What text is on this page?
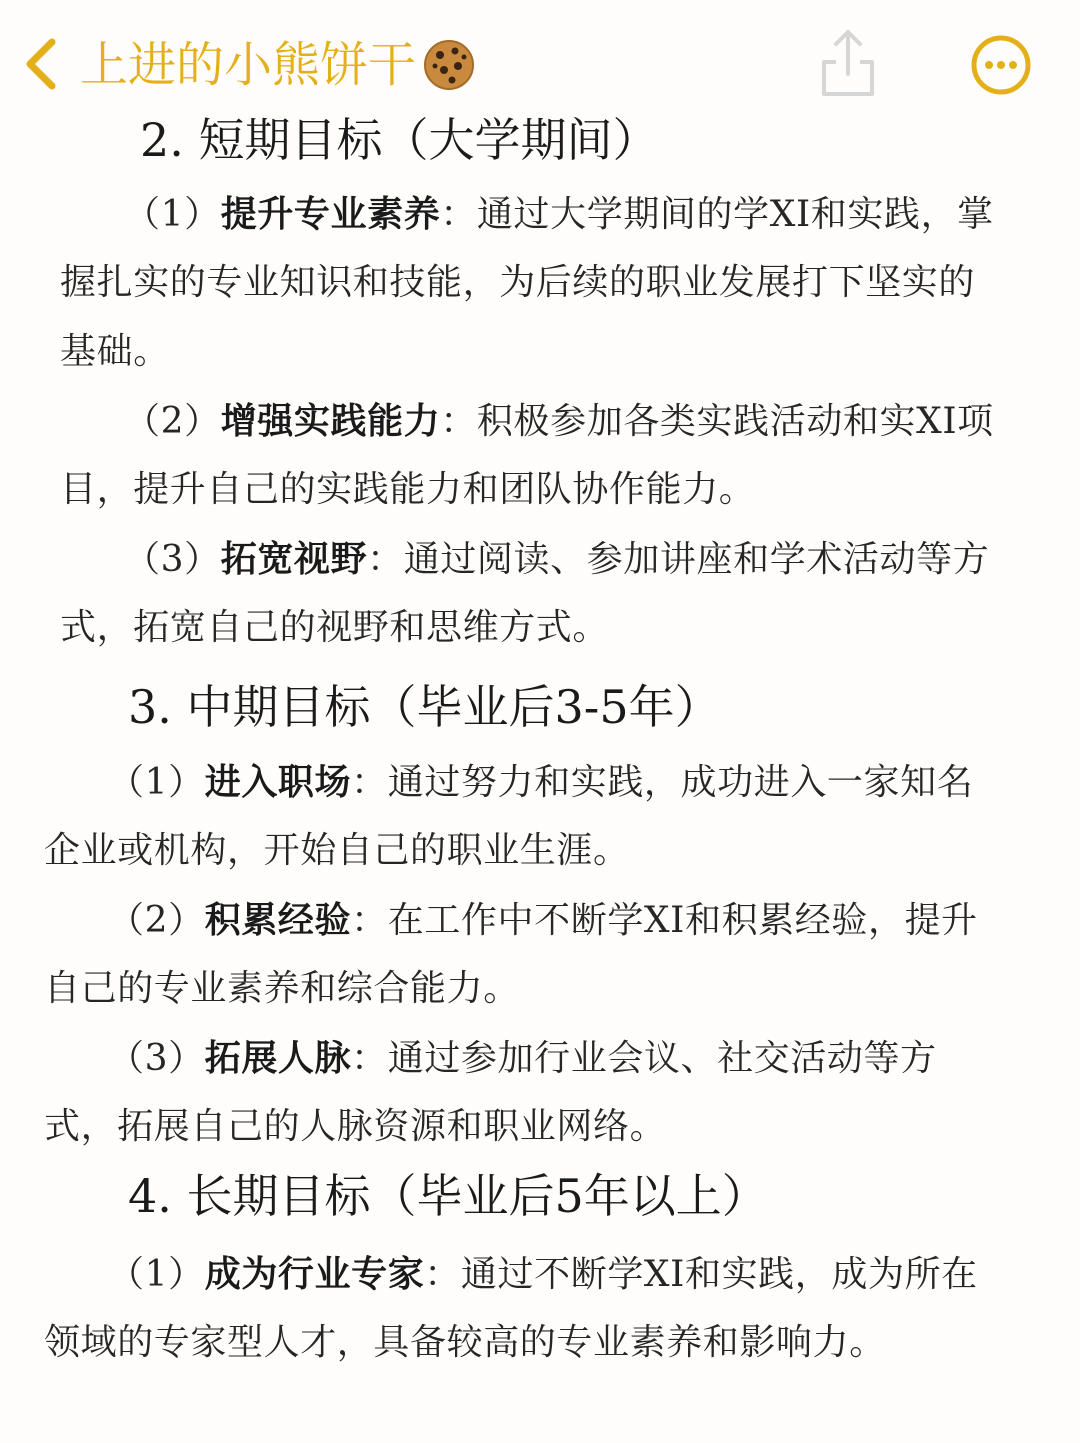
上进的小熊饼干
2. 短期目标（大学期间）
（1）提升专业素养：通过大学期间的学XI和实践，掌
握扎实的专业知识和技能，为后续的职业发展打下坚实的
基础。
（2）增强实践能力：积极参加各类实践活动和实XI项
目，提升自己的实践能力和团队协作能力。
（3）拓宽视野：通过阅读、参加讲座和学术活动等方
式，拓宽自己的视野和思维方式。
3. 中期目标（毕业后3-5年）
（1）进入职场：通过努力和实践，成功进入一家知名
企业或机构，开始自己的职业生涯。
（2）积累经验：在工作中不断学XI和积累经验，提升
自己的专业素养和综合能力。
（3）拓展人脉：通过参加行业会议、社交活动等方
式，拓展自己的人脉资源和职业网络。
4. 长期目标（毕业后5年以上）
（1）成为行业专家：通过不断学XI和实践，成为所在
领域的专家型人才，具备较高的专业素养和影响力。
